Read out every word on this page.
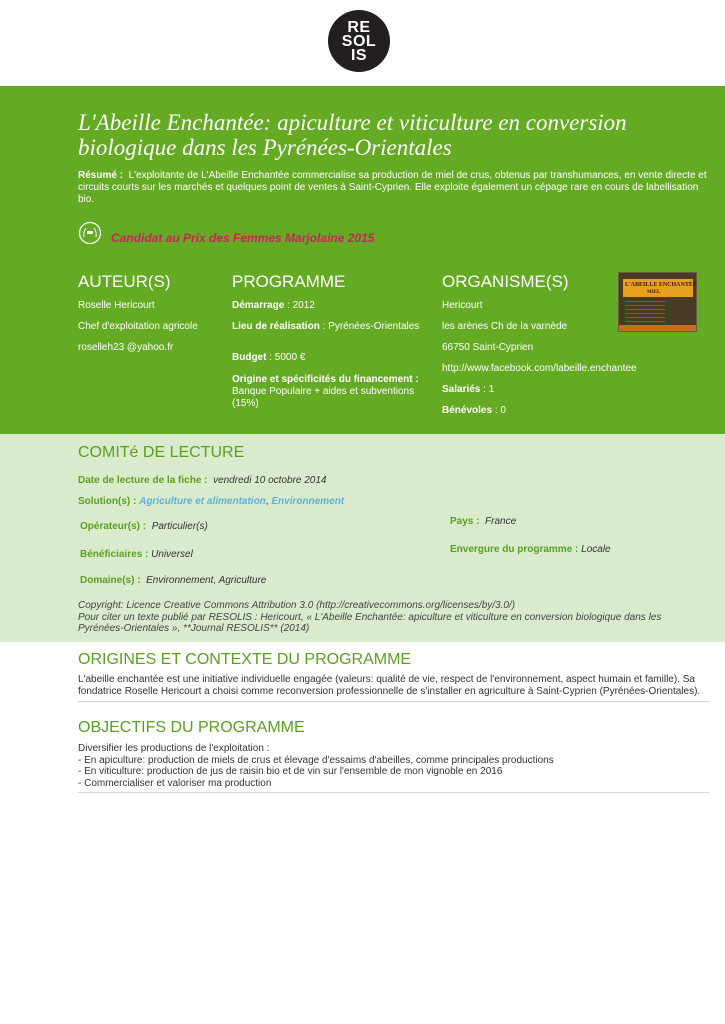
RE
SOL
IS
L'Abeille Enchantée: apiculture et viticulture en conversion biologique dans les Pyrénées-Orientales
Résumé : L'exploitante de L'Abeille Enchantée commercialise sa production de miel de crus, obtenus par transhumances, en vente directe et circuits courts sur les marchés et quelques point de ventes à Saint-Cyprien. Elle exploite également un cépage rare en cours de labellisation bio.
Candidat au Prix des Femmes Marjolaine 2015
AUTEUR(S)
Roselle Hericourt
Chef d'exploitation agricole
roselleh23 @yahoo.fr
PROGRAMME
Démarrage : 2012
Lieu de réalisation : Pyrénées-Orientales
Budget : 5000 €
Origine et spécificités du financement :
Banque Populaire + aides et subventions (15%)
ORGANISME(S)
Hericourt
les arènes Ch de la varnède
66750 Saint-Cyprien
http://www.facebook.com/labeille.enchantee
Salariés : 1
Bénévoles : 0
L'ABEILLE ENCHANTÉE
MIEL
COMITé DE LECTURE
Date de lecture de la fiche : vendredi 10 octobre 2014
Solution(s) : Agriculture et alimentation, Environnement
Opérateur(s) : Particulier(s)	Pays : France
Bénéficiaires : Universel	Envergure du programme : Locale
Domaine(s) : Environnement, Agriculture
Copyright: Licence Creative Commons Attribution 3.0 (http://creativecommons.org/licenses/by/3.0/)
Pour citer un texte publié par RESOLIS : Hericourt, « L'Abeille Enchantée: apiculture et viticulture en conversion biologique dans les Pyrénées-Orientales », **Journal RESOLIS** (2014)
ORIGINES ET CONTEXTE DU PROGRAMME
L'abeille enchantée est une initiative individuelle engagée (valeurs: qualité de vie, respect de l'environnement, aspect humain et famille). Sa fondatrice Roselle Hericourt a choisi comme reconversion professionnelle de s'installer en agriculture à Saint-Cyprien (Pyrénées-Orientales).
OBJECTIFS DU PROGRAMME
Diversifier les productions de l'exploitation :
- En apiculture: production de miels de crus et élevage d'essaims d'abeilles, comme principales productions
- En viticulture: production de jus de raisin bio et de vin sur l'ensemble de mon vignoble en 2016
- Commercialiser et valoriser ma production
